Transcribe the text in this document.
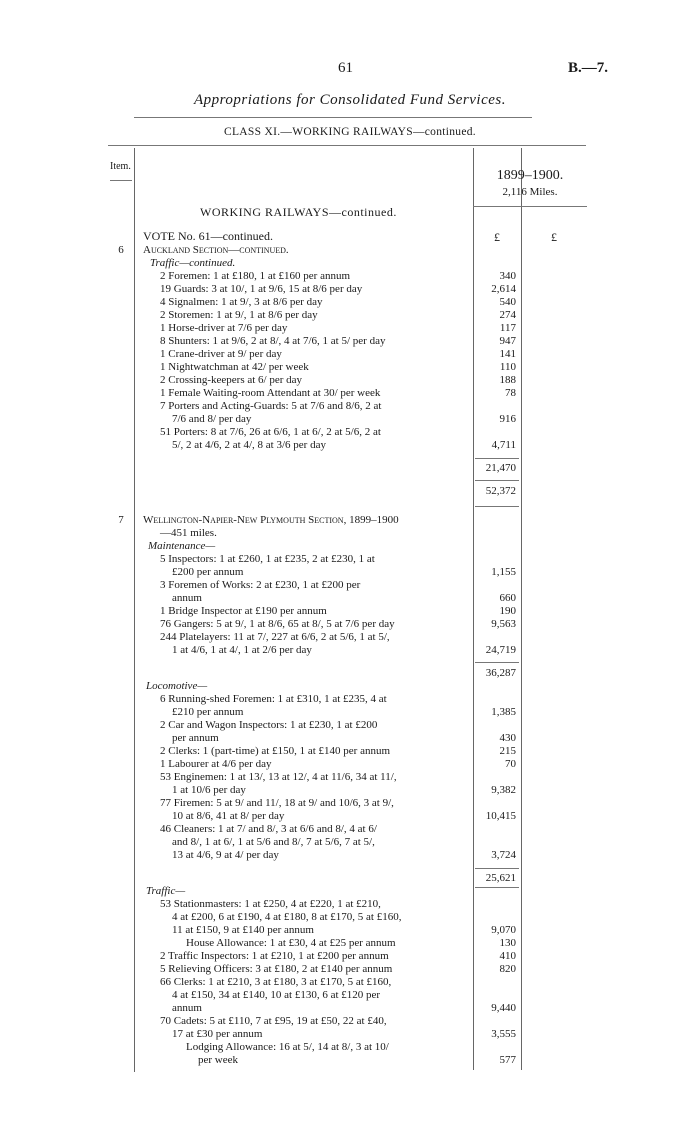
61	B.—7.
Appropriations for Consolidated Fund Services.
CLASS XI.—WORKING RAILWAYS—continued.
Item.
1899–1900.
2,116 Miles.
£	£
WORKING RAILWAYS—continued.
VOTE No. 61—continued.
6	Auckland Section—continued.
Traffic—continued.
2 Foremen: 1 at £180, 1 at £160 per annum	340
19 Guards: 3 at 10/, 1 at 9/6, 15 at 8/6 per day	2,614
4 Signalmen: 1 at 9/, 3 at 8/6 per day	540
2 Storemen: 1 at 9/, 1 at 8/6 per day	274
1 Horse-driver at 7/6 per day	117
8 Shunters: 1 at 9/6, 2 at 8/, 4 at 7/6, 1 at 5/ per day	947
1 Crane-driver at 9/ per day	141
1 Nightwatchman at 42/ per week	110
2 Crossing-keepers at 6/ per day	188
1 Female Waiting-room Attendant at 30/ per week	78
7 Porters and Acting-Guards: 5 at 7/6 and 8/6, 2 at
7/6 and 8/ per day	916
51 Porters: 8 at 7/6, 26 at 6/6, 1 at 6/, 2 at 5/6, 2 at
5/, 2 at 4/6, 2 at 4/, 8 at 3/6 per day	4,711
21,470
52,372
7	Wellington-Napier-New Plymouth Section, 1899–1900
—451 miles.
Maintenance—
5 Inspectors: 1 at £260, 1 at £235, 2 at £230, 1 at
£200 per annum	1,155
3 Foremen of Works: 2 at £230, 1 at £200 per
annum	660
1 Bridge Inspector at £190 per annum	190
76 Gangers: 5 at 9/, 1 at 8/6, 65 at 8/, 5 at 7/6 per day	9,563
244 Platelayers: 11 at 7/, 227 at 6/6, 2 at 5/6, 1 at 5/,
1 at 4/6, 1 at 4/, 1 at 2/6 per day	24,719
36,287
Locomotive—
6 Running-shed Foremen: 1 at £310, 1 at £235, 4 at
£210 per annum	1,385
2 Car and Wagon Inspectors: 1 at £230, 1 at £200
per annum	430
2 Clerks: 1 (part-time) at £150, 1 at £140 per annum	215
1 Labourer at 4/6 per day	70
53 Enginemen: 1 at 13/, 13 at 12/, 4 at 11/6, 34 at 11/,
1 at 10/6 per day	9,382
77 Firemen: 5 at 9/ and 11/, 18 at 9/ and 10/6, 3 at 9/,
10 at 8/6, 41 at 8/ per day	10,415
46 Cleaners: 1 at 7/ and 8/, 3 at 6/6 and 8/, 4 at 6/
and 8/, 1 at 6/, 1 at 5/6 and 8/, 7 at 5/6, 7 at 5/,
13 at 4/6, 9 at 4/ per day	3,724
25,621
Traffic—
53 Stationmasters: 1 at £250, 4 at £220, 1 at £210,
4 at £200, 6 at £190, 4 at £180, 8 at £170, 5 at £160,
11 at £150, 9 at £140 per annum	9,070
House Allowance: 1 at £30, 4 at £25 per annum	130
2 Traffic Inspectors: 1 at £210, 1 at £200 per annum	410
5 Relieving Officers: 3 at £180, 2 at £140 per annum	820
66 Clerks: 1 at £210, 3 at £180, 3 at £170, 5 at £160,
4 at £150, 34 at £140, 10 at £130, 6 at £120 per
annum	9,440
70 Cadets: 5 at £110, 7 at £95, 19 at £50, 22 at £40,
17 at £30 per annum	3,555
Lodging Allowance: 16 at 5/, 14 at 8/, 3 at 10/
per week	577
